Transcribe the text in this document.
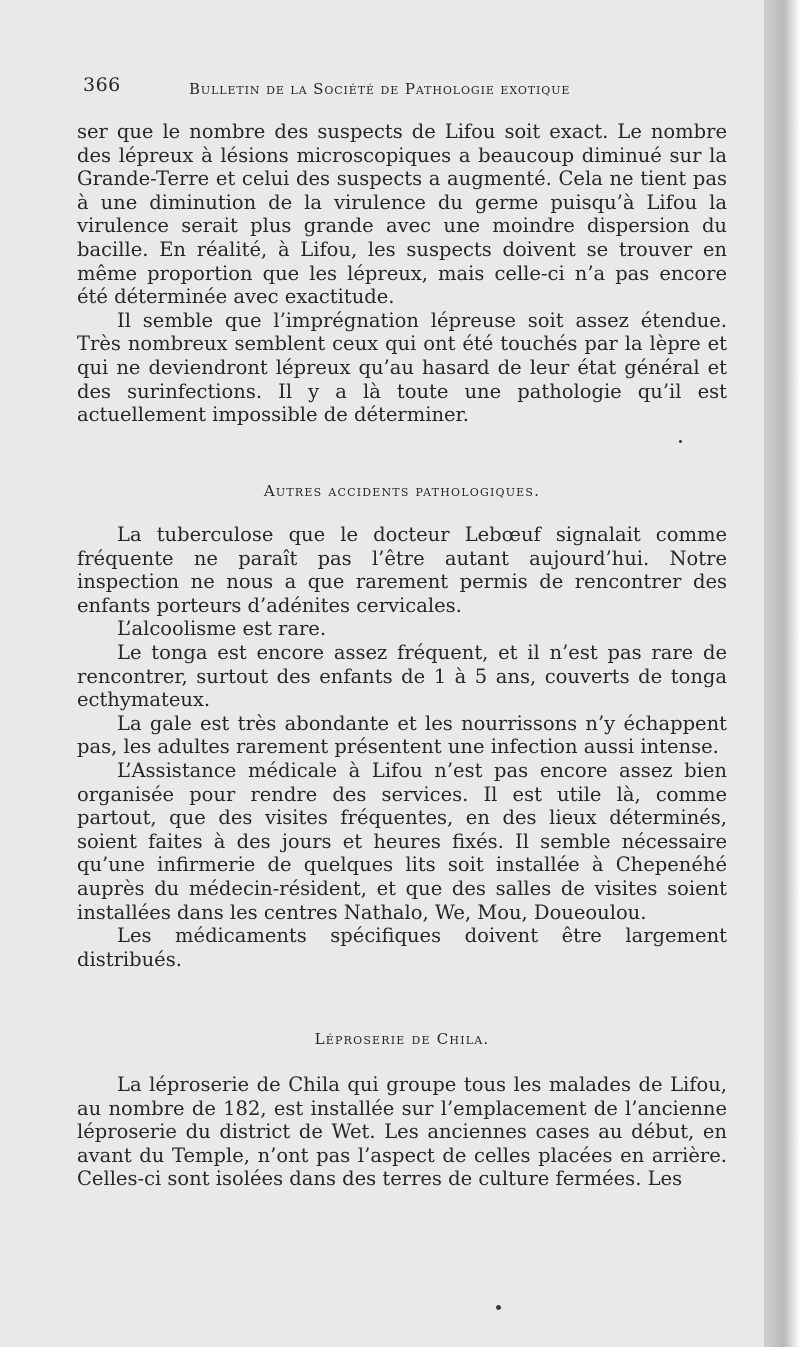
366	Bulletin de la Société de Pathologie exotique

ser que le nombre des suspects de Lifou soit exact. Le nombre des lépreux à lésions microscopiques a beaucoup diminué sur la Grande-Terre et celui des suspects a augmenté. Cela ne tient pas à une diminution de la virulence du germe puisqu’à Lifou la virulence serait plus grande avec une moindre dispersion du bacille. En réalité, à Lifou, les suspects doivent se trouver en même proportion que les lépreux, mais celle-ci n’a pas encore été déterminée avec exactitude.

Il semble que l’imprégnation lépreuse soit assez étendue. Très nombreux semblent ceux qui ont été touchés par la lèpre et qui ne deviendront lépreux qu’au hasard de leur état général et des surinfections. Il y a là toute une pathologie qu’il est actuellement impossible de déterminer.

Autres accidents pathologiques.

La tuberculose que le docteur Lebœuf signalait comme fréquente ne paraît pas l’être autant aujourd’hui. Notre inspection ne nous a que rarement permis de rencontrer des enfants porteurs d’adénites cervicales.

L’alcoolisme est rare.

Le tonga est encore assez fréquent, et il n’est pas rare de rencontrer, surtout des enfants de 1 à 5 ans, couverts de tonga ecthymateux.

La gale est très abondante et les nourrissons n’y échappent pas, les adultes rarement présentent une infection aussi intense.

L’Assistance médicale à Lifou n’est pas encore assez bien organisée pour rendre des services. Il est utile là, comme partout, que des visites fréquentes, en des lieux déterminés, soient faites à des jours et heures fixés. Il semble nécessaire qu’une infirmerie de quelques lits soit installée à Chepenéhé auprès du médecin-résident, et que des salles de visites soient installées dans les centres Nathalo, We, Mou, Doueoulou.

Les médicaments spécifiques doivent être largement distribués.

Léproserie de Chila.

La léproserie de Chila qui groupe tous les malades de Lifou, au nombre de 182, est installée sur l’emplacement de l’ancienne léproserie du district de Wet. Les anciennes cases au début, en avant du Temple, n’ont pas l’aspect de celles placées en arrière. Celles-ci sont isolées dans des terres de culture fermées. Les
